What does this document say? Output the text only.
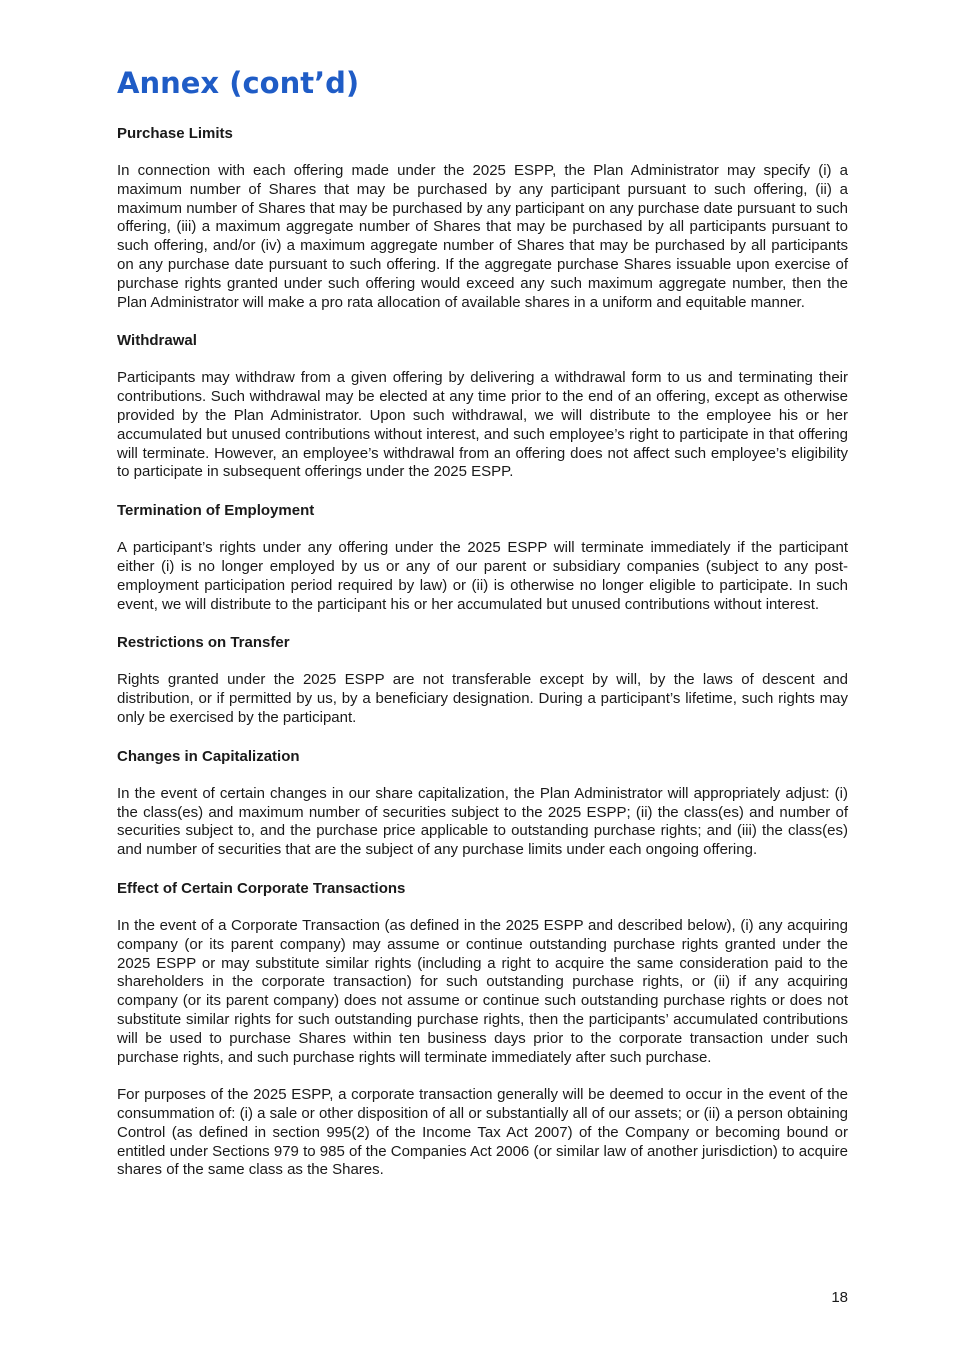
Annex (cont’d)
Purchase Limits

In connection with each offering made under the 2025 ESPP, the Plan Administrator may specify (i) a maximum number of Shares that may be purchased by any participant pursuant to such offering, (ii) a maximum number of Shares that may be purchased by any participant on any purchase date pursuant to such offering, (iii) a maximum aggregate number of Shares that may be purchased by all participants pursuant to such offering, and/or (iv) a maximum aggregate number of Shares that may be purchased by all participants on any purchase date pursuant to such offering. If the aggregate purchase Shares issuable upon exercise of purchase rights granted under such offering would exceed any such maximum aggregate number, then the Plan Administrator will make a pro rata allocation of available shares in a uniform and equitable manner.

Withdrawal

Participants may withdraw from a given offering by delivering a withdrawal form to us and terminating their contributions. Such withdrawal may be elected at any time prior to the end of an offering, except as otherwise provided by the Plan Administrator. Upon such withdrawal, we will distribute to the employee his or her accumulated but unused contributions without interest, and such employee’s right to participate in that offering will terminate. However, an employee’s withdrawal from an offering does not affect such employee’s eligibility to participate in subsequent offerings under the 2025 ESPP.

Termination of Employment

A participant’s rights under any offering under the 2025 ESPP will terminate immediately if the participant either (i) is no longer employed by us or any of our parent or subsidiary companies (subject to any post-employment participation period required by law) or (ii) is otherwise no longer eligible to participate. In such event, we will distribute to the participant his or her accumulated but unused contributions without interest.

Restrictions on Transfer

Rights granted under the 2025 ESPP are not transferable except by will, by the laws of descent and distribution, or if permitted by us, by a beneficiary designation. During a participant’s lifetime, such rights may only be exercised by the participant.

Changes in Capitalization

In the event of certain changes in our share capitalization, the Plan Administrator will appropriately adjust: (i) the class(es) and maximum number of securities subject to the 2025 ESPP; (ii) the class(es) and number of securities subject to, and the purchase price applicable to outstanding purchase rights; and (iii) the class(es) and number of securities that are the subject of any purchase limits under each ongoing offering.

Effect of Certain Corporate Transactions

In the event of a Corporate Transaction (as defined in the 2025 ESPP and described below), (i) any acquiring company (or its parent company) may assume or continue outstanding purchase rights granted under the 2025 ESPP or may substitute similar rights (including a right to acquire the same consideration paid to the shareholders in the corporate transaction) for such outstanding purchase rights, or (ii) if any acquiring company (or its parent company) does not assume or continue such outstanding purchase rights or does not substitute similar rights for such outstanding purchase rights, then the participants’ accumulated contributions will be used to purchase Shares within ten business days prior to the corporate transaction under such purchase rights, and such purchase rights will terminate immediately after such purchase.

For purposes of the 2025 ESPP, a corporate transaction generally will be deemed to occur in the event of the consummation of: (i) a sale or other disposition of all or substantially all of our assets; or (ii) a person obtaining Control (as defined in section 995(2) of the Income Tax Act 2007) of the Company or becoming bound or entitled under Sections 979 to 985 of the Companies Act 2006 (or similar law of another jurisdiction) to acquire shares of the same class as the Shares.

18
